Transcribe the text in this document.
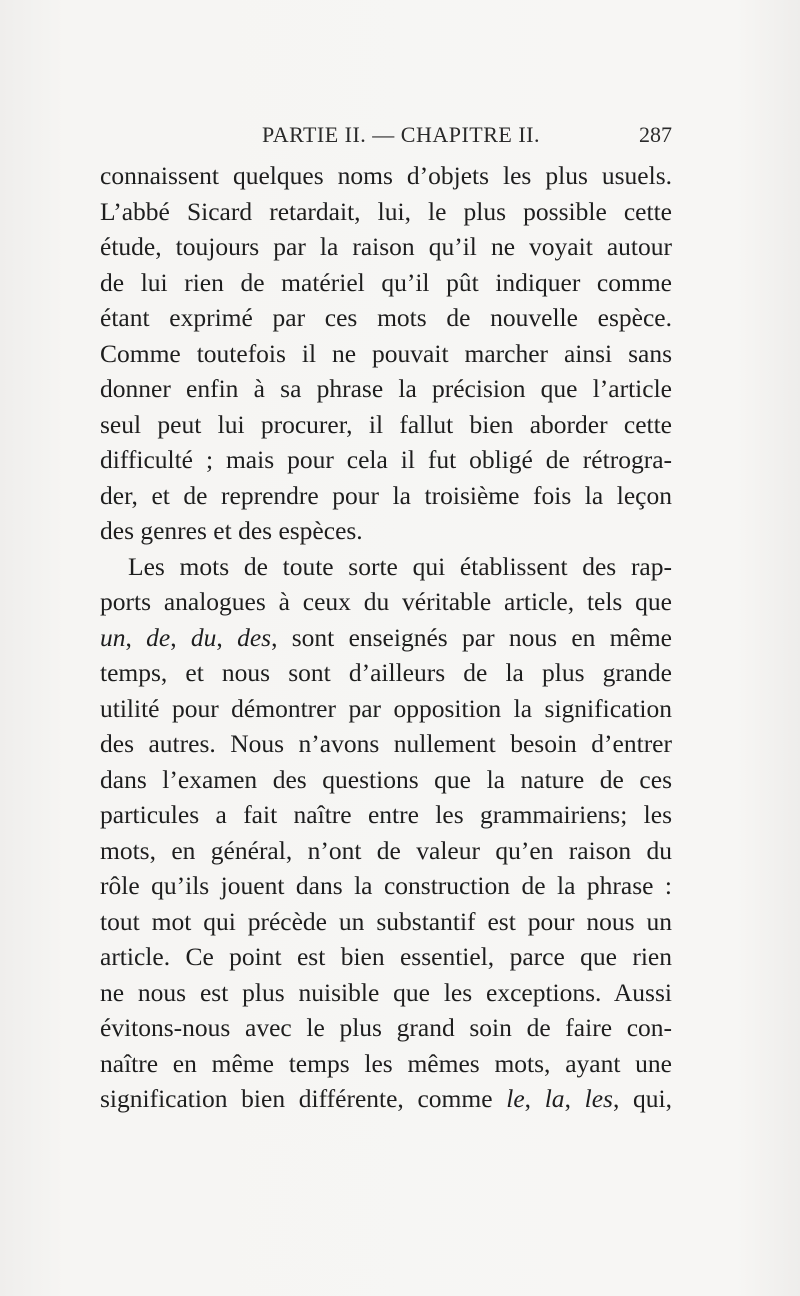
PARTIE II. — CHAPITRE II.	287
connaissent quelques noms d’objets les plus usuels.
L’abbé Sicard retardait, lui, le plus possible cette
étude, toujours par la raison qu’il ne voyait autour
de lui rien de matériel qu’il pût indiquer comme
étant exprimé par ces mots de nouvelle espèce.
Comme toutefois il ne pouvait marcher ainsi sans
donner enfin à sa phrase la précision que l’article
seul peut lui procurer, il fallut bien aborder cette
difficulté ; mais pour cela il fut obligé de rétrogra-
der, et de reprendre pour la troisième fois la leçon
des genres et des espèces.
Les mots de toute sorte qui établissent des rap-
ports analogues à ceux du véritable article, tels que
un, de, du, des, sont enseignés par nous en même
temps, et nous sont d’ailleurs de la plus grande
utilité pour démontrer par opposition la signification
des autres. Nous n’avons nullement besoin d’entrer
dans l’examen des questions que la nature de ces
particules a fait naître entre les grammairiens; les
mots, en général, n’ont de valeur qu’en raison du
rôle qu’ils jouent dans la construction de la phrase :
tout mot qui précède un substantif est pour nous un
article. Ce point est bien essentiel, parce que rien
ne nous est plus nuisible que les exceptions. Aussi
évitons-nous avec le plus grand soin de faire con-
naître en même temps les mêmes mots, ayant une
signification bien différente, comme le, la, les, qui,
